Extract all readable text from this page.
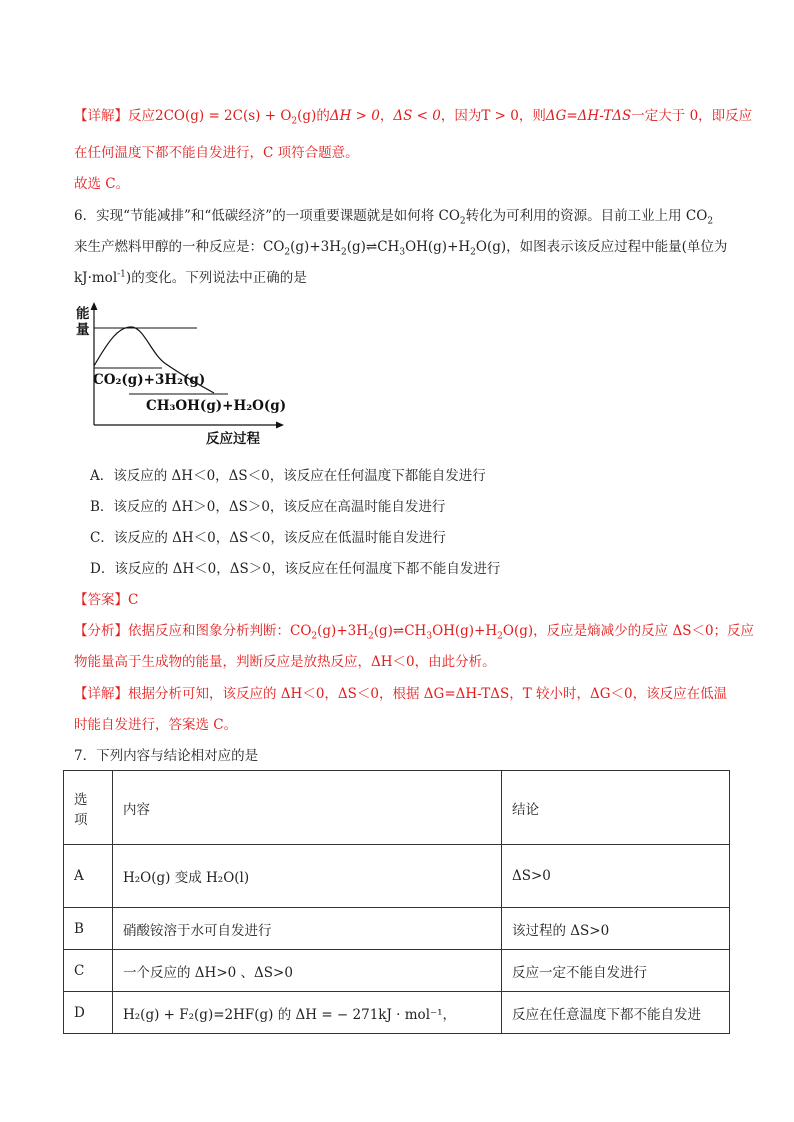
【详解】反应$2CO(g) = 2C(s) + O_2(g)$的ΔH > 0，ΔS < 0，因为T > 0，则ΔG=ΔH-TΔS一定大于 0，即反应
在任何温度下都不能自发进行，C 项符合题意。
故选 C。
6．实现“节能减排”和“低碳经济”的一项重要课题就是如何将 $CO_2$转化为可利用的资源。目前工业上用 $CO_2$
来生产燃料甲醇的一种反应是：$CO_2(g)+3H_2(g)\rightleftharpoons CH_3OH(g)+H_2O(g)$，如图表示该反应过程中能量(单位为
kJ·mol$^{-1}$)的变化。下列说法中正确的是
能
量
CO₂(g)+3H₂(g)
CH₃OH(g)+H₂O(g)
反应过程
A．该反应的 ΔH＜0，ΔS＜0，该反应在任何温度下都能自发进行
B．该反应的 ΔH＞0，ΔS＞0，该反应在高温时能自发进行
C．该反应的 ΔH＜0，ΔS＜0，该反应在低温时能自发进行
D．该反应的 ΔH＜0，ΔS＞0，该反应在任何温度下都不能自发进行
【答案】C
【分析】依据反应和图象分析判断：$CO_2(g)+3H_2(g)\rightleftharpoons CH_3OH(g)+H_2O(g)$，反应是熵减少的反应 ΔS＜0；反应
物能量高于生成物的能量，判断反应是放热反应，ΔH＜0，由此分析。
【详解】根据分析可知，该反应的 ΔH＜0，ΔS＜0，根据 ΔG=ΔH-TΔS，T 较小时，ΔG＜0，该反应在低温
时能自发进行，答案选 C。
7．下列内容与结论相对应的是
选
项	内容	结论
A	H₂O(g) 变成 H₂O(l)	ΔS>0
B	硝酸铵溶于水可自发进行	该过程的 ΔS>0
C	一个反应的 ΔH>0 、ΔS>0	反应一定不能自发进行
D	H₂(g) + F₂(g)=2HF(g) 的 ΔH = − 271kJ · mol⁻¹，	反应在任意温度下都不能自发进
